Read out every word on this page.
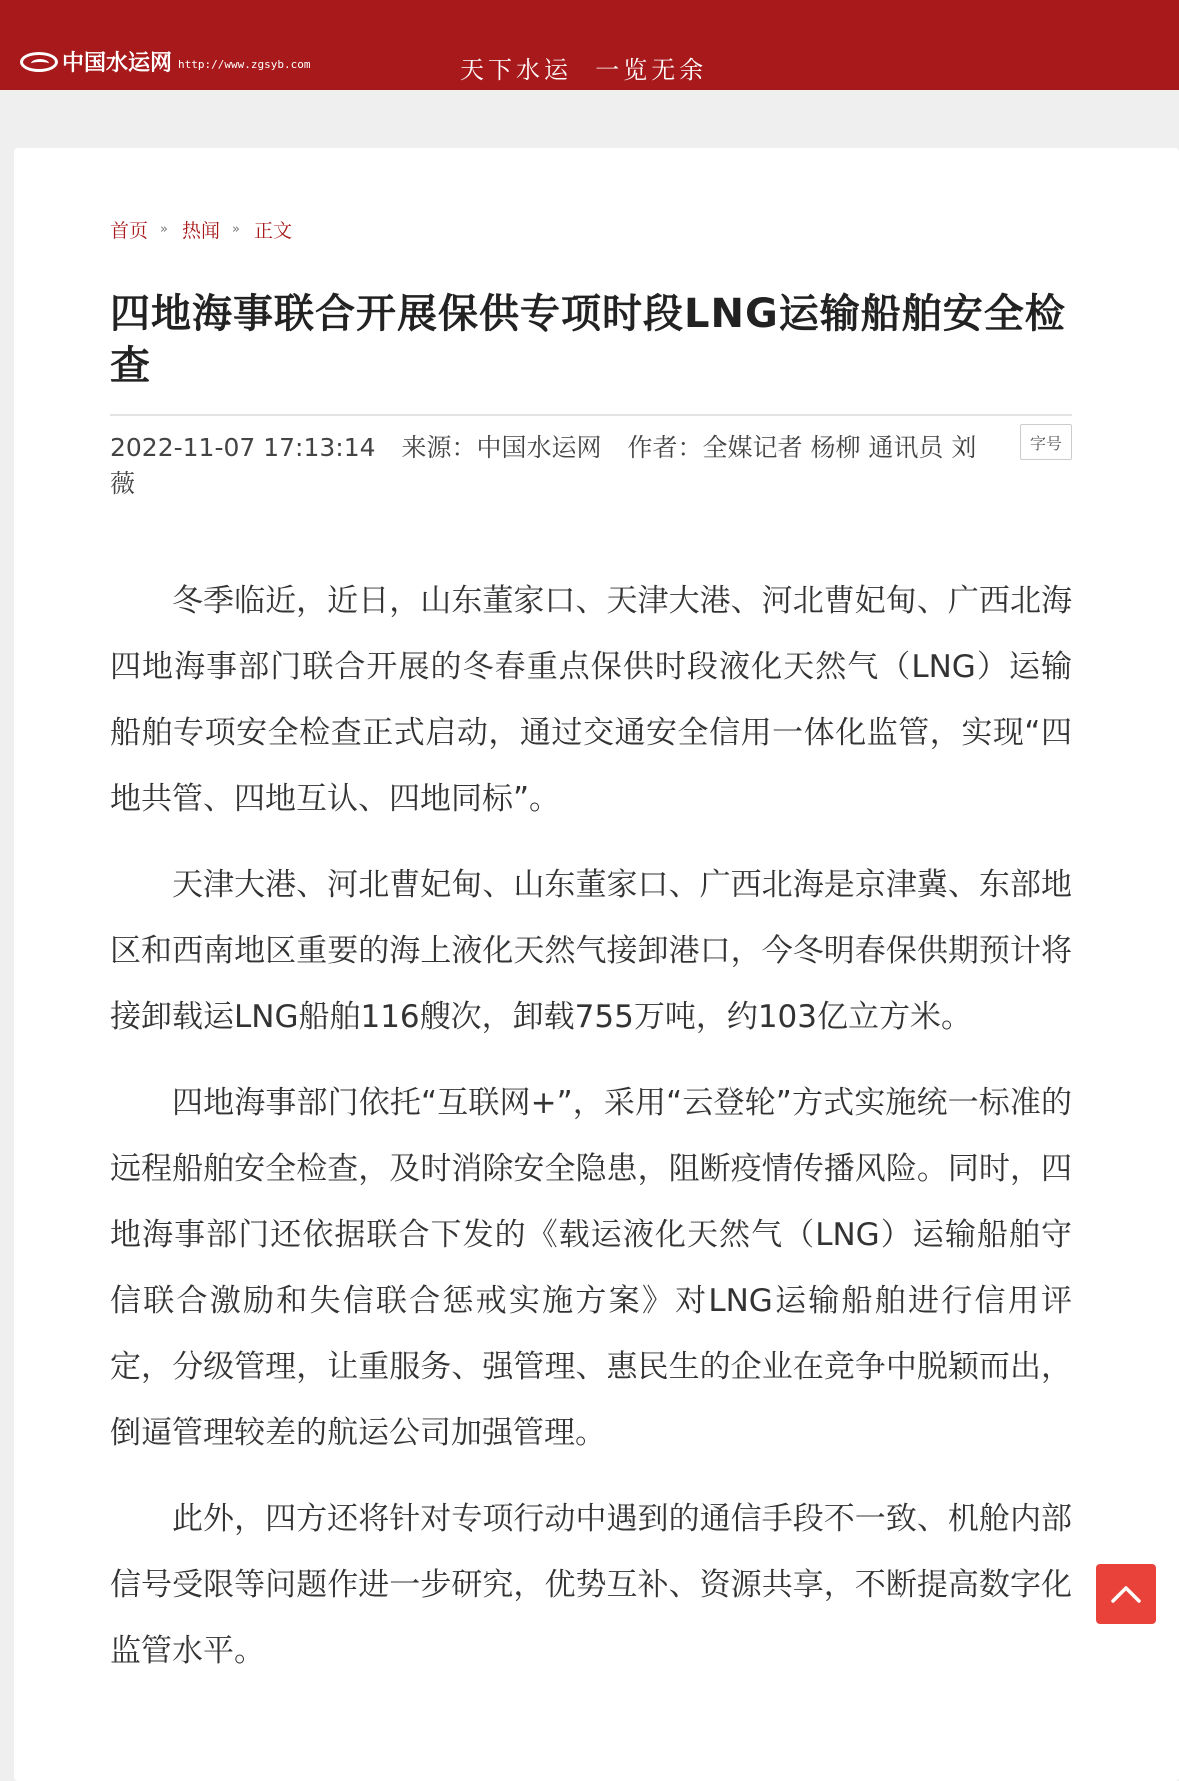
中国水运网 http://www.zgsyb.com	天下水运  一览无余
首页 » 热闻 » 正文
四地海事联合开展保供专项时段LNG运输船舶安全检查
2022-11-07 17:13:14 来源：中国水运网 作者：全媒记者 杨柳 通讯员 刘薇
字号

冬季临近，近日，山东董家口、天津大港、河北曹妃甸、广西北海四地海事部门联合开展的冬春重点保供时段液化天然气（LNG）运输船舶专项安全检查正式启动，通过交通安全信用一体化监管，实现“四地共管、四地互认、四地同标”。

天津大港、河北曹妃甸、山东董家口、广西北海是京津冀、东部地区和西南地区重要的海上液化天然气接卸港口，今冬明春保供期预计将接卸载运LNG船舶116艘次，卸载755万吨，约103亿立方米。

四地海事部门依托“互联网+”，采用“云登轮”方式实施统一标准的远程船舶安全检查，及时消除安全隐患，阻断疫情传播风险。同时，四地海事部门还依据联合下发的《载运液化天然气（LNG）运输船舶守信联合激励和失信联合惩戒实施方案》对LNG运输船舶进行信用评定，分级管理，让重服务、强管理、惠民生的企业在竞争中脱颖而出，倒逼管理较差的航运公司加强管理。

此外，四方还将针对专项行动中遇到的通信手段不一致、机舱内部信号受限等问题作进一步研究，优势互补、资源共享，不断提高数字化监管水平。
